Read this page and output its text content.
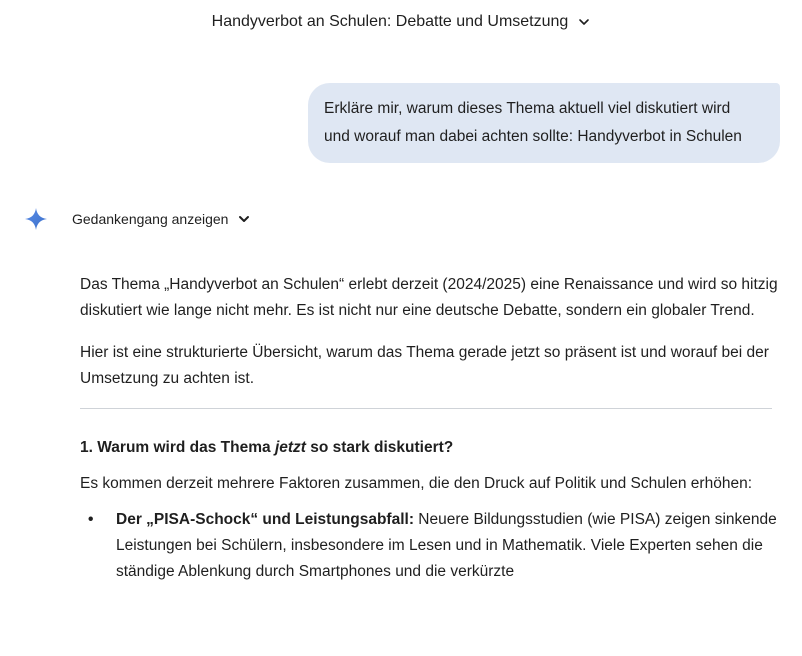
Handyverbot an Schulen: Debatte und Umsetzung
Erkläre mir, warum dieses Thema aktuell viel diskutiert wird
und worauf man dabei achten sollte: Handyverbot in Schulen
Gedankengang anzeigen

Das Thema „Handyverbot an Schulen“ erlebt derzeit (2024/2025) eine Renaissance und wird so hitzig diskutiert wie lange nicht mehr. Es ist nicht nur eine deutsche Debatte, sondern ein globaler Trend.

Hier ist eine strukturierte Übersicht, warum das Thema gerade jetzt so präsent ist und worauf bei der Umsetzung zu achten ist.

1. Warum wird das Thema jetzt so stark diskutiert?

Es kommen derzeit mehrere Faktoren zusammen, die den Druck auf Politik und Schulen erhöhen:

• Der „PISA-Schock“ und Leistungsabfall: Neuere Bildungsstudien (wie PISA) zeigen sinkende Leistungen bei Schülern, insbesondere im Lesen und in Mathematik. Viele Experten sehen die ständige Ablenkung durch Smartphones und die verkürzte
